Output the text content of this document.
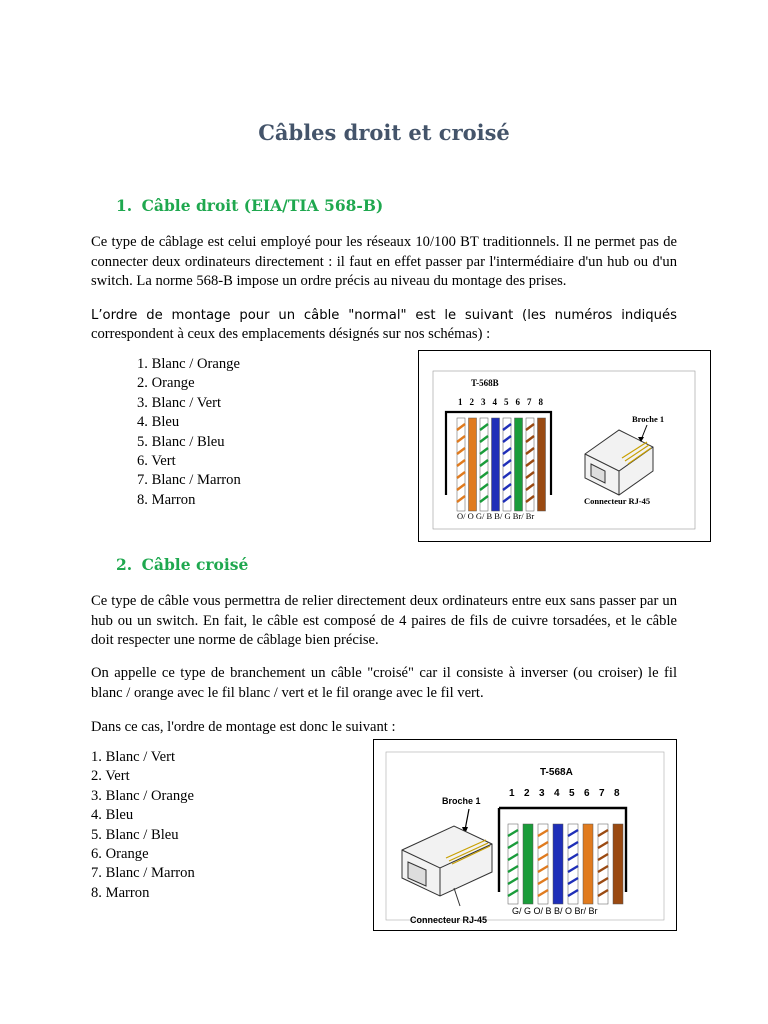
Câbles droit et croisé
1. Câble droit (EIA/TIA 568-B)
Ce type de câblage est celui employé pour les réseaux 10/100 BT traditionnels. Il ne permet pas de connecter deux ordinateurs directement : il faut en effet passer par l'intermédiaire d'un hub ou d'un switch. La norme 568-B impose un ordre précis au niveau du montage des prises.
L’ordre de montage pour un câble "normal" est le suivant (les numéros indiqués
correspondent à ceux des emplacements désignés sur nos schémas) :
1. Blanc / Orange
2. Orange
3. Blanc / Vert
4. Bleu
5. Blanc / Bleu
6. Vert
7. Blanc / Marron
8. Marron
T-568B
1 2 3 4 5 6 7 8
O/ O G/ B B/ G Br/ Br
Broche 1
Connecteur RJ-45
2. Câble croisé
Ce type de câble vous permettra de relier directement deux ordinateurs entre eux sans passer par un hub ou un switch. En fait, le câble est composé de 4 paires de fils de cuivre torsadées, et le câble doit respecter une norme de câblage bien précise.
On appelle ce type de branchement un câble "croisé" car il consiste à inverser (ou croiser) le fil blanc / orange avec le fil blanc / vert et le fil orange avec le fil vert.
Dans ce cas, l'ordre de montage est donc le suivant :
1. Blanc / Vert
2. Vert
3. Blanc / Orange
4. Bleu
5. Blanc / Bleu
6. Orange
7. Blanc / Marron
8. Marron
T-568A
1 2 3 4 5 6 7 8
G/ G O/ B B/ O Br/ Br
Broche 1
Connecteur RJ-45
